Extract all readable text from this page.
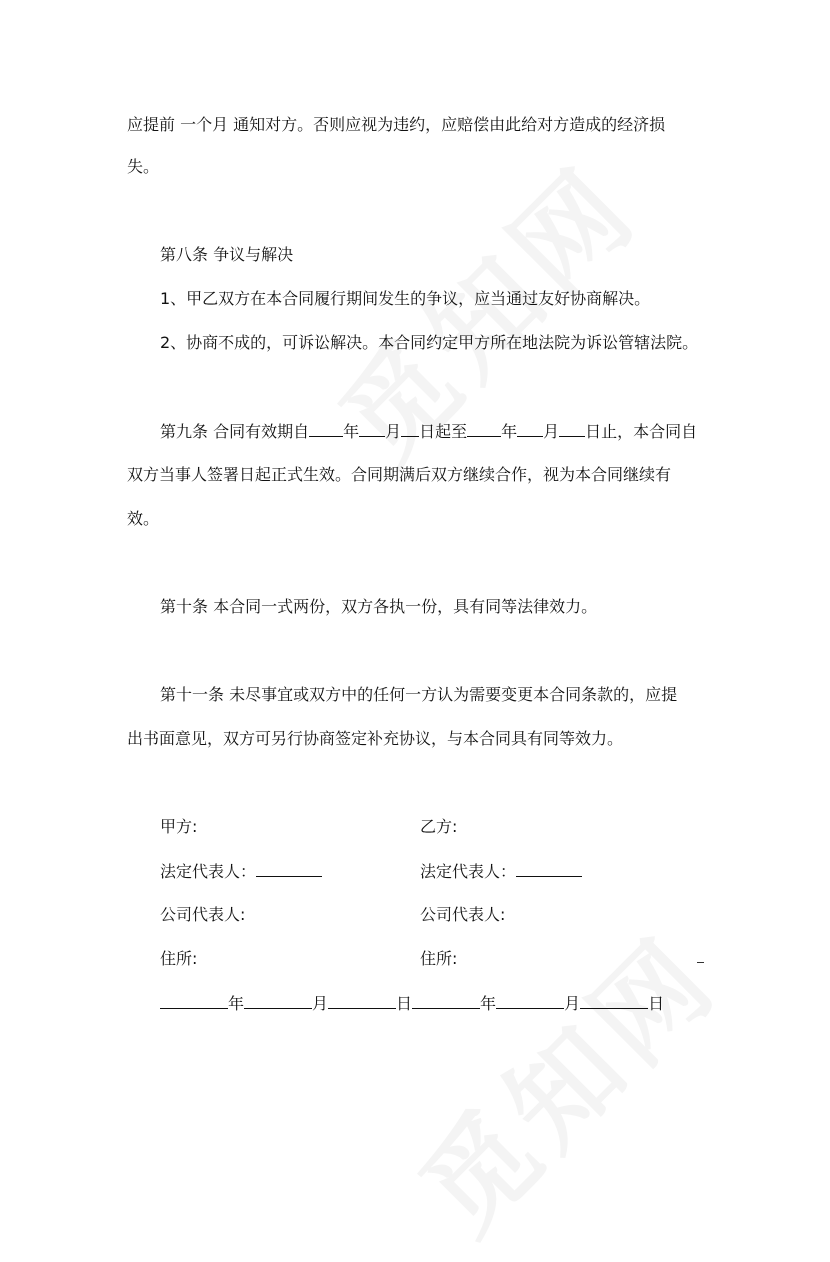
应提前 一个月 通知对方。否则应视为违约，应赔偿由此给对方造成的经济损
失。
第八条 争议与解决
1、甲乙双方在本合同履行期间发生的争议，应当通过友好协商解决。
2、协商不成的，可诉讼解决。本合同约定甲方所在地法院为诉讼管辖法院。
第九条 合同有效期自 年 月 日起至 年 月 日止，本合同自
双方当事人签署日起正式生效。合同期满后双方继续合作，视为本合同继续有
效。
第十条 本合同一式两份，双方各执一份，具有同等法律效力。
第十一条 未尽事宜或双方中的任何一方认为需要变更本合同条款的，应提
出书面意见，双方可另行协商签定补充协议，与本合同具有同等效力。
甲方:	乙方:
法定代表人：	法定代表人：
公司代表人:	公司代表人:
住所:	住所:
年	月	日	年	月	日
